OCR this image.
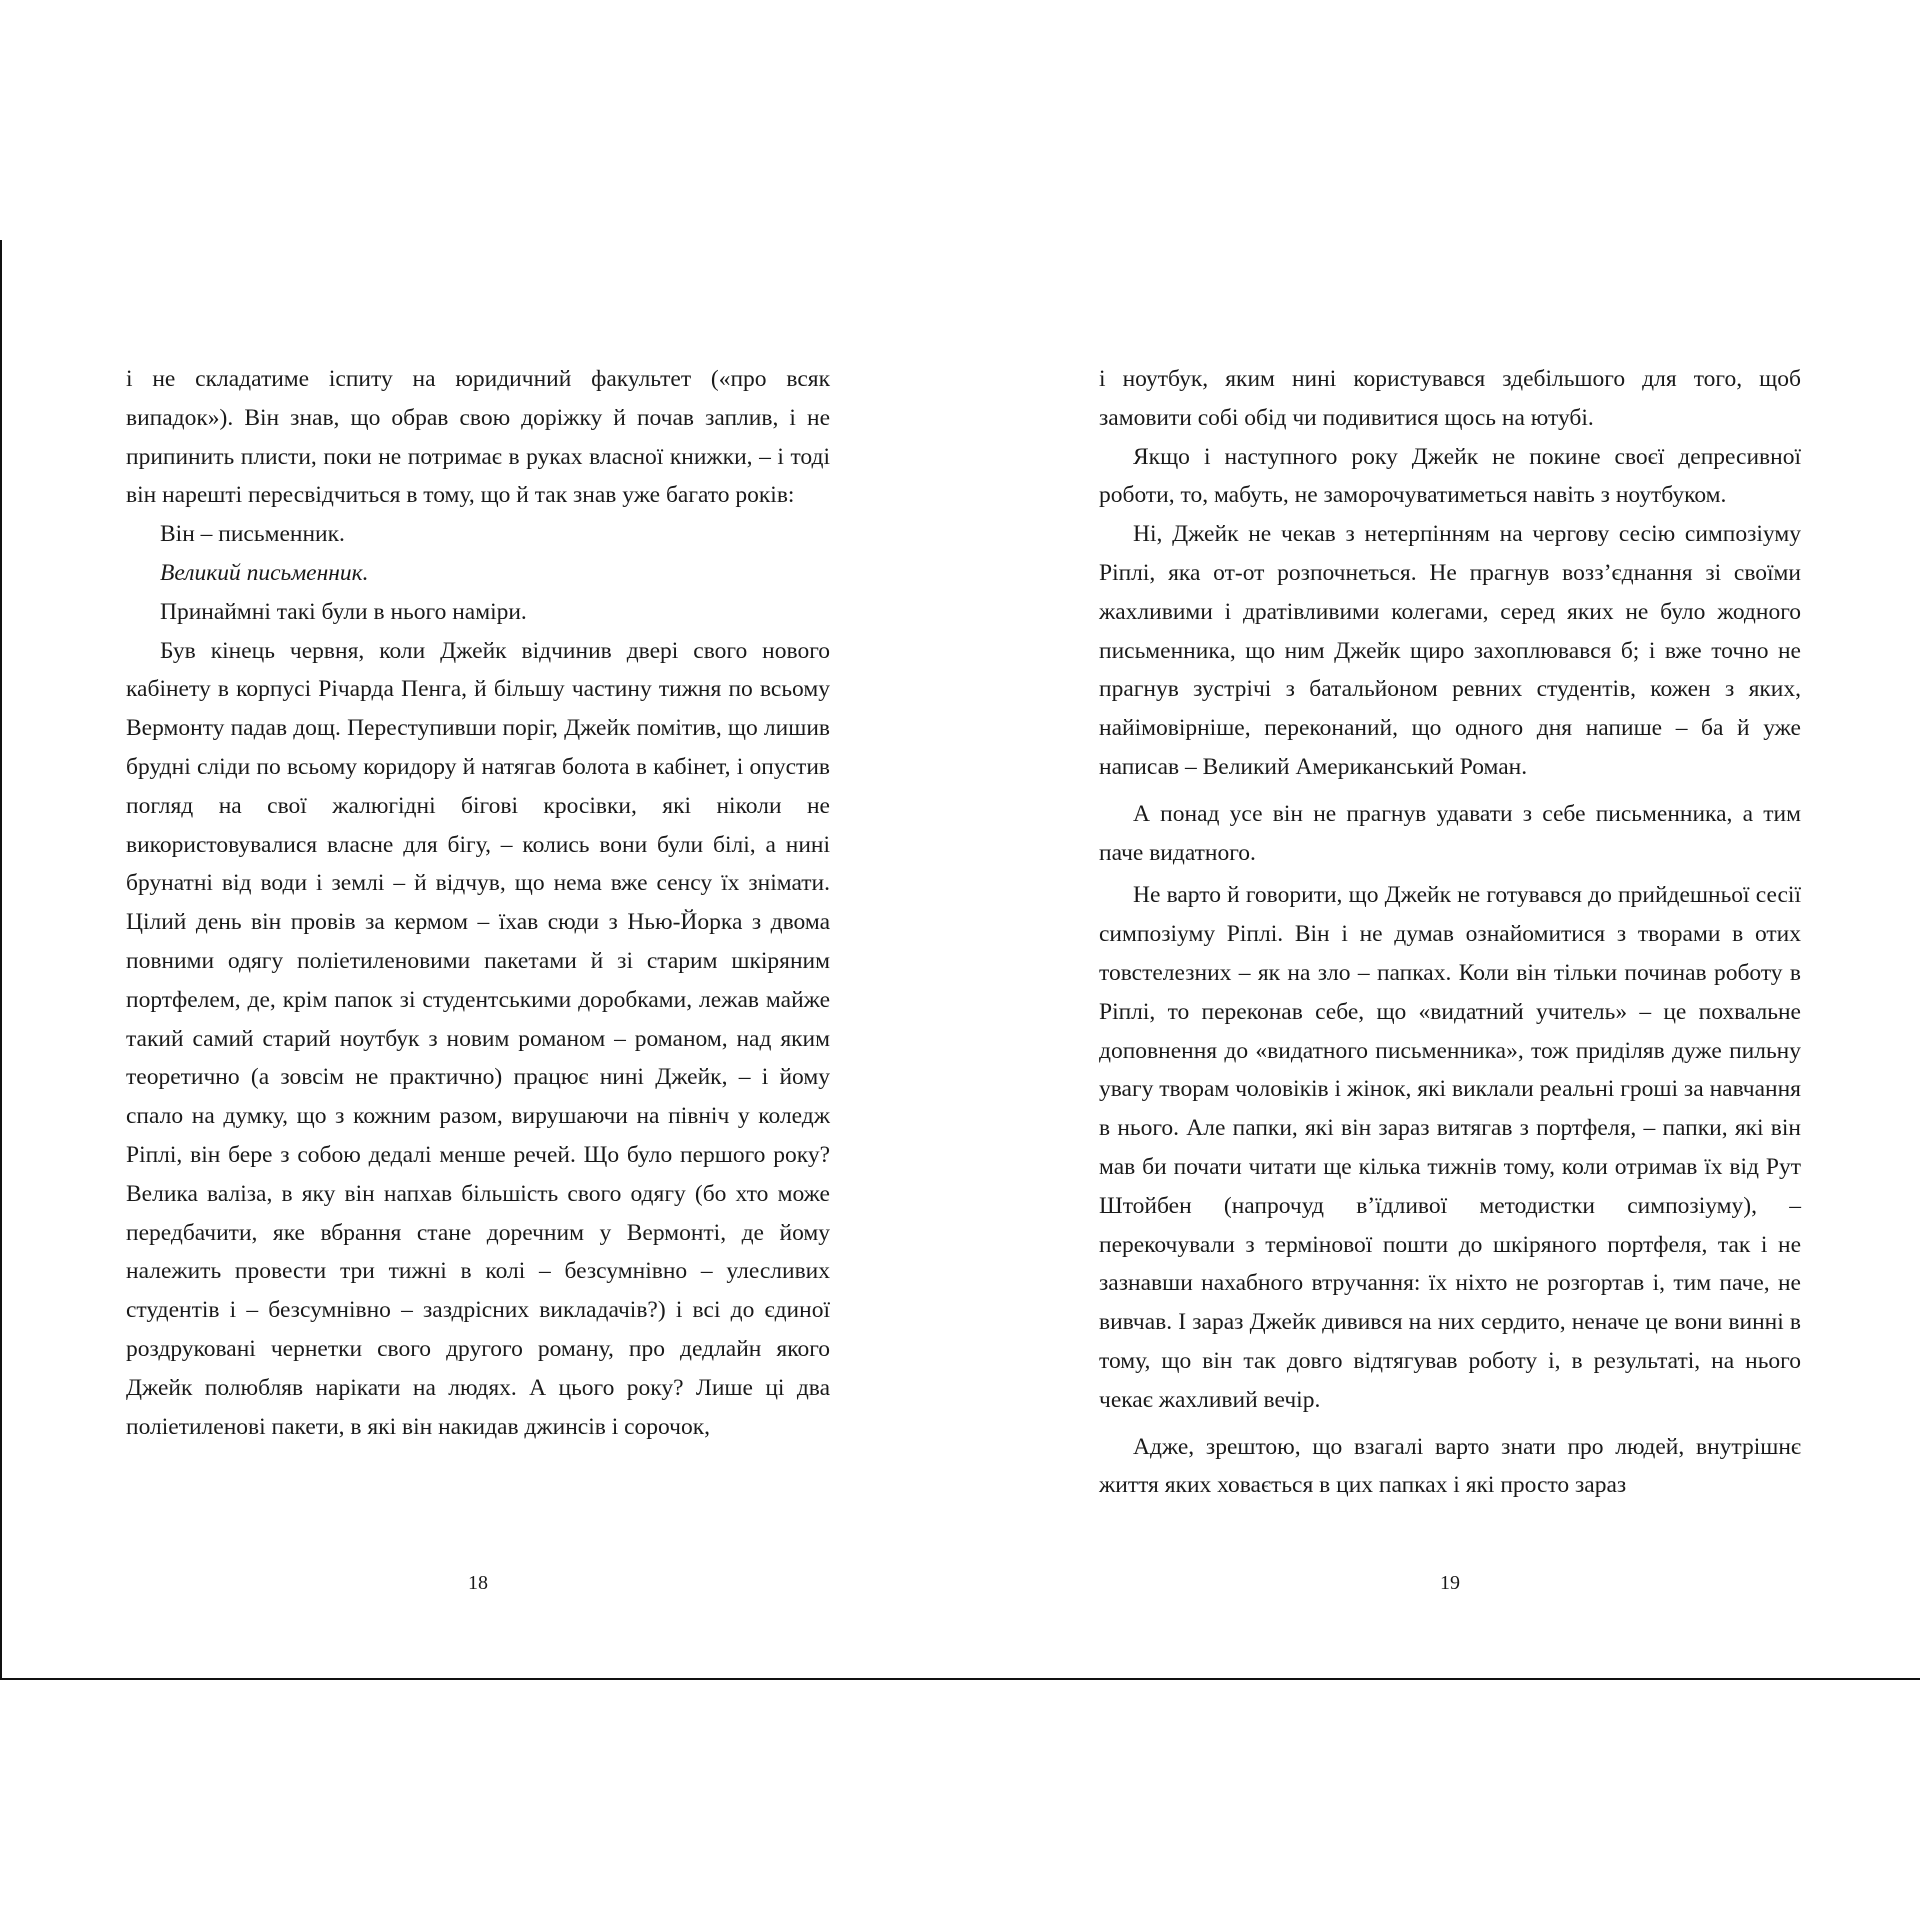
і не складатиме іспиту на юридичний факультет («про всяк випадок»). Він знав, що обрав свою доріжку й почав заплив, і не припинить плисти, поки не потримає в руках власної книжки, – і тоді він нарешті пересвідчиться в тому, що й так знав уже багато років:

Він – письменник.

Великий письменник.

Принаймні такі були в нього наміри.

Був кінець червня, коли Джейк відчинив двері свого нового кабінету в корпусі Річарда Пенга, й більшу частину тижня по всьому Вермонту падав дощ. Переступивши поріг, Джейк помітив, що лишив брудні сліди по всьому коридору й натягав болота в кабінет, і опустив погляд на свої жалюгідні бігові кросівки, які ніколи не використовувалися власне для бігу, – колись вони були білі, а нині брунатні від води і землі – й відчув, що нема вже сенсу їх знімати. Цілий день він провів за кермом – їхав сюди з Нью-Йорка з двома повними одягу поліетиленовими пакетами й зі старим шкіряним портфелем, де, крім папок зі студентськими доробками, лежав майже такий самий старий ноутбук з новим романом – романом, над яким теоретично (а зовсім не практично) працює нині Джейк, – і йому спало на думку, що з кожним разом, вирушаючи на північ у коледж Ріплі, він бере з собою дедалі менше речей. Що було першого року? Велика валіза, в яку він напхав більшість свого одягу (бо хто може передбачити, яке вбрання стане доречним у Вермонті, де йому належить провести три тижні в колі – безсумнівно – улесливих студентів і – безсумнівно – заздрісних викладачів?) і всі до єдиної роздруковані чернетки свого другого роману, про дедлайн якого Джейк полюбляв нарікати на людях. А цього року? Лише ці два поліетиленові пакети, в які він накидав джинсів і сорочок,

18

і ноутбук, яким нині користувався здебільшого для того, щоб замовити собі обід чи подивитися щось на ютубі.

Якщо і наступного року Джейк не покине своєї депресивної роботи, то, мабуть, не заморочуватиметься навіть з ноутбуком.

Ні, Джейк не чекав з нетерпінням на чергову сесію симпозіуму Ріплі, яка от-от розпочнеться. Не прагнув возз’єднання зі своїми жахливими і дратівливими колегами, серед яких не було жодного письменника, що ним Джейк щиро захоплювався б; і вже точно не прагнув зустрічі з батальйоном ревних студентів, кожен з яких, найімовірніше, переконаний, що одного дня напише – ба й уже написав – Великий Американський Роман.

А понад усе він не прагнув удавати з себе письменника, а тим паче видатного.

Не варто й говорити, що Джейк не готувався до прийдешньої сесії симпозіуму Ріплі. Він і не думав ознайомитися з творами в отих товстелезних – як на зло – папках. Коли він тільки починав роботу в Ріплі, то переконав себе, що «видатний учитель» – це похвальне доповнення до «видатного письменника», тож приділяв дуже пильну увагу творам чоловіків і жінок, які виклали реальні гроші за навчання в нього. Але папки, які він зараз витягав з портфеля, – папки, які він мав би почати читати ще кілька тижнів тому, коли отримав їх від Рут Штойбен (напрочуд в’їдливої методистки симпозіуму), – перекочували з термінової пошти до шкіряного портфеля, так і не зазнавши нахабного втручання: їх ніхто не розгортав і, тим паче, не вивчав. І зараз Джейк дивився на них сердито, неначе це вони винні в тому, що він так довго відтягував роботу і, в результаті, на нього чекає жахливий вечір.

Адже, зрештою, що взагалі варто знати про людей, внутрішнє життя яких ховається в цих папках і які просто зараз

19
